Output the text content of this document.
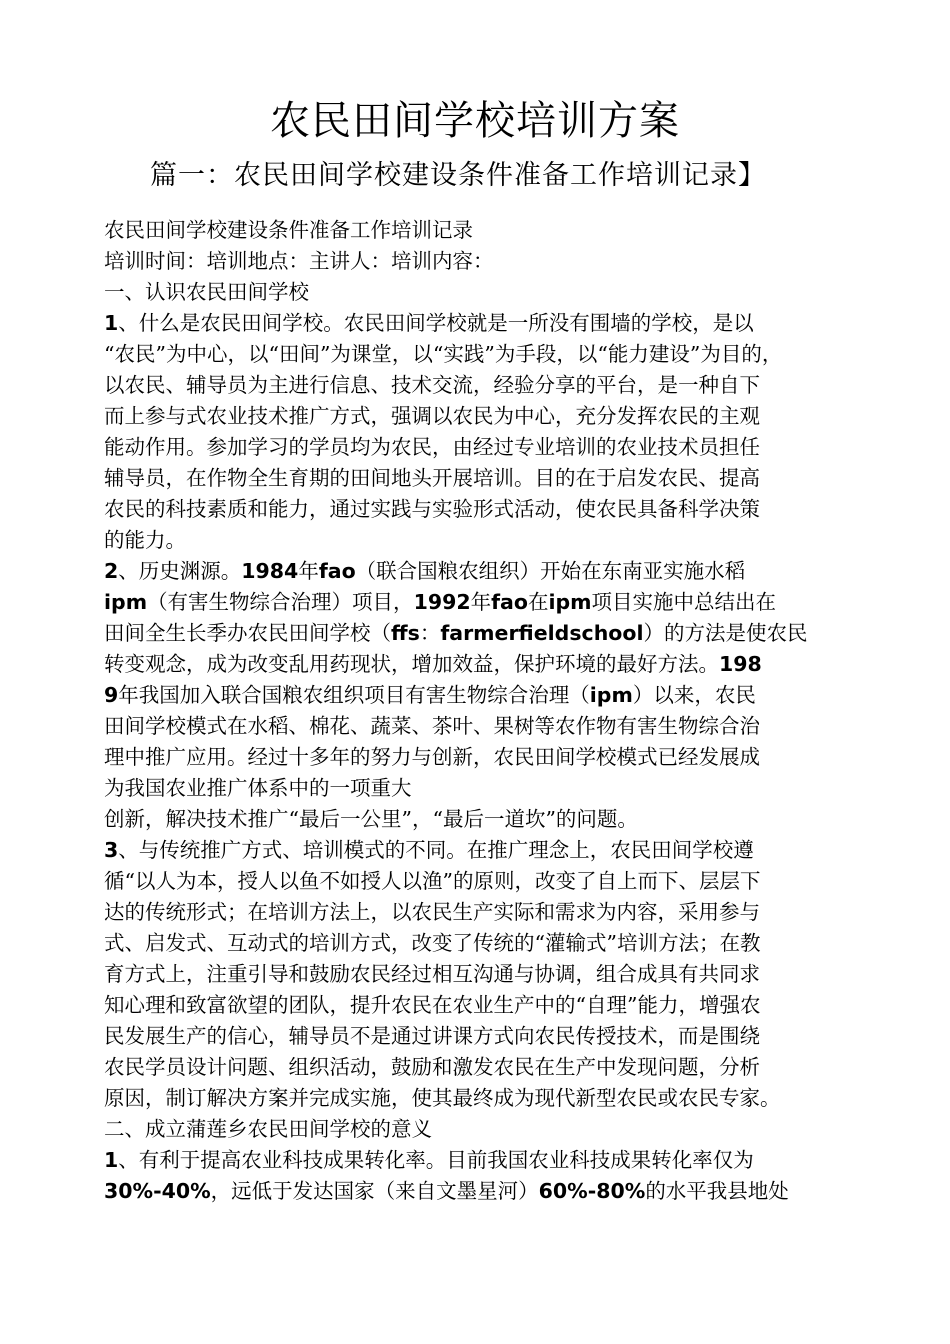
农民田间学校培训方案
篇一：农民田间学校建设条件准备工作培训记录】
农民田间学校建设条件准备工作培训记录
培训时间：培训地点：主讲人：培训内容：
一、认识农民田间学校
1、什么是农民田间学校。农民田间学校就是一所没有围墙的学校，是以
“农民”为中心，以“田间”为课堂，以“实践”为手段，以“能力建设”为目的，
以农民、辅导员为主进行信息、技术交流，经验分享的平台，是一种自下
而上参与式农业技术推广方式，强调以农民为中心，充分发挥农民的主观
能动作用。参加学习的学员均为农民，由经过专业培训的农业技术员担任
辅导员，在作物全生育期的田间地头开展培训。目的在于启发农民、提高
农民的科技素质和能力，通过实践与实验形式活动，使农民具备科学决策
的能力。
2、历史渊源。1984年fao（联合国粮农组织）开始在东南亚实施水稻
ipm（有害生物综合治理）项目，1992年fao在ipm项目实施中总结出在
田间全生长季办农民田间学校（ffs：farmerfieldschool）的方法是使农民
转变观念，成为改变乱用药现状，增加效益，保护环境的最好方法。198
9年我国加入联合国粮农组织项目有害生物综合治理（ipm）以来，农民
田间学校模式在水稻、棉花、蔬菜、茶叶、果树等农作物有害生物综合治
理中推广应用。经过十多年的努力与创新，农民田间学校模式已经发展成
为我国农业推广体系中的一项重大
创新，解决技术推广“最后一公里”，“最后一道坎”的问题。
3、与传统推广方式、培训模式的不同。在推广理念上，农民田间学校遵
循“以人为本，授人以鱼不如授人以渔”的原则，改变了自上而下、层层下
达的传统形式；在培训方法上，以农民生产实际和需求为内容，采用参与
式、启发式、互动式的培训方式，改变了传统的“灌输式”培训方法；在教
育方式上，注重引导和鼓励农民经过相互沟通与协调，组合成具有共同求
知心理和致富欲望的团队，提升农民在农业生产中的“自理”能力，增强农
民发展生产的信心，辅导员不是通过讲课方式向农民传授技术，而是围绕
农民学员设计问题、组织活动，鼓励和激发农民在生产中发现问题，分析
原因，制订解决方案并完成实施，使其最终成为现代新型农民或农民专家。
二、成立蒲莲乡农民田间学校的意义
1、有利于提高农业科技成果转化率。目前我国农业科技成果转化率仅为
30%-40%，远低于发达国家（来自文墨星河）60%-80%的水平我县地处
